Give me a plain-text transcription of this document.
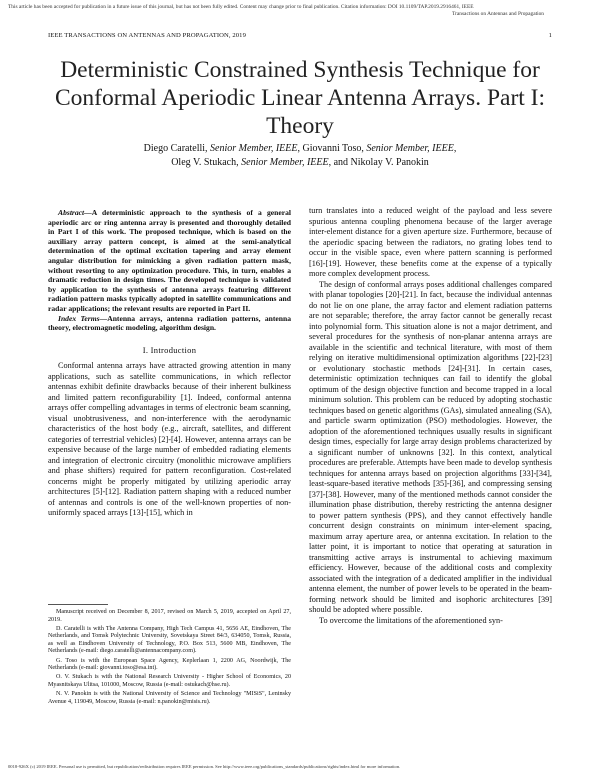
This article has been accepted for publication in a future issue of this journal, but has not been fully edited. Content may change prior to final publication. Citation information: DOI 10.1109/TAP.2019.2916461, IEEE
Transactions on Antennas and Propagation
IEEE TRANSACTIONS ON ANTENNAS AND PROPAGATION, 2019	1
Deterministic Constrained Synthesis Technique for Conformal Aperiodic Linear Antenna Arrays. Part I: Theory
Diego Caratelli, Senior Member, IEEE, Giovanni Toso, Senior Member, IEEE,
Oleg V. Stukach, Senior Member, IEEE, and Nikolay V. Panokin

Abstract—A deterministic approach to the synthesis of a general aperiodic arc or ring antenna array is presented and thoroughly detailed in Part I of this work. The proposed technique, which is based on the auxiliary array pattern concept, is aimed at the semi-analytical determination of the optimal excitation tapering and array element angular distribution for mimicking a given radiation pattern mask, without resorting to any optimization procedure. This, in turn, enables a dramatic reduction in design times. The developed technique is validated by application to the synthesis of antenna arrays featuring different radiation pattern masks typically adopted in satellite communications and radar applications; the relevant results are reported in Part II.

Index Terms—Antenna arrays, antenna radiation patterns, antenna theory, electromagnetic modeling, algorithm design.

I. Introduction

Conformal antenna arrays have attracted growing attention in many applications, such as satellite communications, in which reflector antennas exhibit definite drawbacks because of their inherent bulkiness and limited pattern reconfigurability [1]. Indeed, conformal antenna arrays offer compelling advantages in terms of electronic beam scanning, visual unobtrusiveness, and non-interference with the aerodynamic characteristics of the host body (e.g., aircraft, satellites, and different categories of terrestrial vehicles) [2]-[4]. However, antenna arrays can be expensive because of the large number of embedded radiating elements and integration of electronic circuitry (monolithic microwave amplifiers and phase shifters) required for pattern reconfiguration. Cost-related concerns might be properly mitigated by utilizing aperiodic array architectures [5]-[12]. Radiation pattern shaping with a reduced number of antennas and controls is one of the well-known properties of non-uniformly spaced arrays [13]-[15], which in

Manuscript received on December 8, 2017, revised on March 5, 2019, accepted on April 27, 2019.

D. Caratelli is with The Antenna Company, High Tech Campus 41, 5656 AE, Eindhoven, The Netherlands, and Tomsk Polytechnic University, Sovetskaya Street 84/3, 634050, Tomsk, Russia, as well as Eindhoven University of Technology, P.O. Box 513, 5600 MB, Eindhoven, The Netherlands (e-mail: diego.caratelli@antennacompany.com).

G. Toso is with the European Space Agency, Keplerlaan 1, 2200 AG, Noordwijk, The Netherlands (e-mail: giovanni.toso@esa.int).

O. V. Stukach is with the National Research University - Higher School of Economics, 20 Myasnitskaya Ulitsa, 101000, Moscow, Russia (e-mail: ostukach@hse.ru).

N. V. Panokin is with the National University of Science and Technology "MISiS", Leninsky Avenue 4, 119049, Moscow, Russia (e-mail: n.panokin@misis.ru).

turn translates into a reduced weight of the payload and less severe spurious antenna coupling phenomena because of the larger average inter-element distance for a given aperture size. Furthermore, because of the aperiodic spacing between the radiators, no grating lobes tend to occur in the visible space, even where pattern scanning is performed [16]-[19]. However, these benefits come at the expense of a typically more complex development process.

The design of conformal arrays poses additional challenges compared with planar topologies [20]-[21]. In fact, because the individual antennas do not lie on one plane, the array factor and element radiation patterns are not separable; therefore, the array factor cannot be generally recast into polynomial form. This situation alone is not a major detriment, and several procedures for the synthesis of non-planar antenna arrays are available in the scientific and technical literature, with most of them relying on iterative multidimensional optimization algorithms [22]-[23] or evolutionary stochastic methods [24]-[31]. In certain cases, deterministic optimization techniques can fail to identify the global optimum of the design objective function and become trapped in a local minimum solution. This problem can be reduced by adopting stochastic techniques based on genetic algorithms (GAs), simulated annealing (SA), and particle swarm optimization (PSO) methodologies. However, the adoption of the aforementioned techniques usually results in significant design times, especially for large array design problems characterized by a significant number of unknowns [32]. In this context, analytical procedures are preferable. Attempts have been made to develop synthesis techniques for antenna arrays based on projection algorithms [33]-[34], least-square-based iterative methods [35]-[36], and compressing sensing [37]-[38]. However, many of the mentioned methods cannot consider the illumination phase distribution, thereby restricting the antenna designer to power pattern synthesis (PPS), and they cannot effectively handle concurrent design constraints on minimum inter-element spacing, maximum array aperture area, or antenna excitation. In relation to the latter point, it is important to notice that operating at saturation in transmitting active arrays is instrumental to achieving maximum efficiency. However, because of the additional costs and complexity associated with the integration of a dedicated amplifier in the individual antenna element, the number of power levels to be operated in the beam-forming network should be limited and isophoric architectures [39] should be adopted where possible.

To overcome the limitations of the aforementioned syn-

0018-926X (c) 2019 IEEE. Personal use is permitted, but republication/redistribution requires IEEE permission. See http://www.ieee.org/publications_standards/publications/rights/index.html for more information.
